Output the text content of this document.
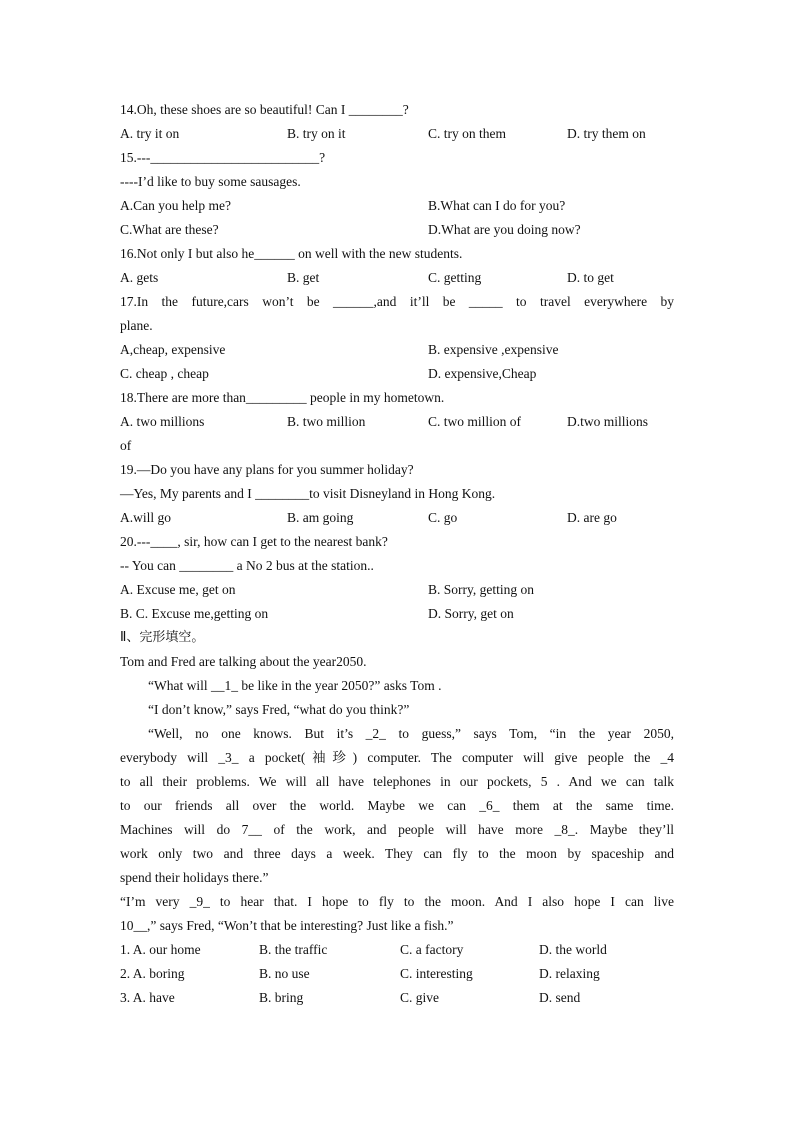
14.Oh, these shoes are so beautiful! Can I ________?
A. try it on	B. try on it	C. try on them	D. try them on
15.---_________________________?
----I’d like to buy some sausages.
A.Can you help me?	B.What can I do for you?
C.What are these?	D.What are you doing now?
16.Not only I but also he______ on well with the new students.
A. gets	B. get	C. getting	D. to get
17.In the future,cars won’t be ______,and it’ll be _____ to travel everywhere by
plane.
A,cheap, expensive	B. expensive ,expensive
C. cheap , cheap	D. expensive,Cheap
18.There are more than_________ people in my hometown.
A. two millions	B. two million	C. two million of	D.two millions
of
19.—Do you have any plans for you summer holiday?
—Yes, My parents and I ________to visit Disneyland in Hong Kong.
A.will go	B. am going	C. go	D. are go
20.---____, sir, how can I get to the nearest bank?
-- You can ________ a No 2 bus at the station..
A. Excuse me, get on	B. Sorry, getting on
B. C. Excuse me,getting on	D. Sorry, get on
Ⅱ、完形填空。
Tom and Fred are talking about the year2050.
“What will __1_ be like in the year 2050?” asks Tom .
“I don’t know,” says Fred, “what do you think?”
“Well, no one knows. But it’s _2_ to guess,” says Tom, “in the year 2050,
everybody will _3_ a pocket(袖珍) computer. The computer will give people the _4
to all their problems. We will all have telephones in our pockets, 5 . And we can talk
to our friends all over the world. Maybe we can _6_ them at the same time.
Machines will do 7__ of the work, and people will have more _8_. Maybe they’ll
work only two and three days a week. They can fly to the moon by spaceship and
spend their holidays there.”
“I’m very _9_ to hear that. I hope to fly to the moon. And I also hope I can live
10__,” says Fred, “Won’t that be interesting? Just like a fish.”
1. A. our home	B. the traffic	C. a factory	D. the world
2. A. boring	B. no use	C. interesting	D. relaxing
3. A. have	B. bring	C. give	D. send
